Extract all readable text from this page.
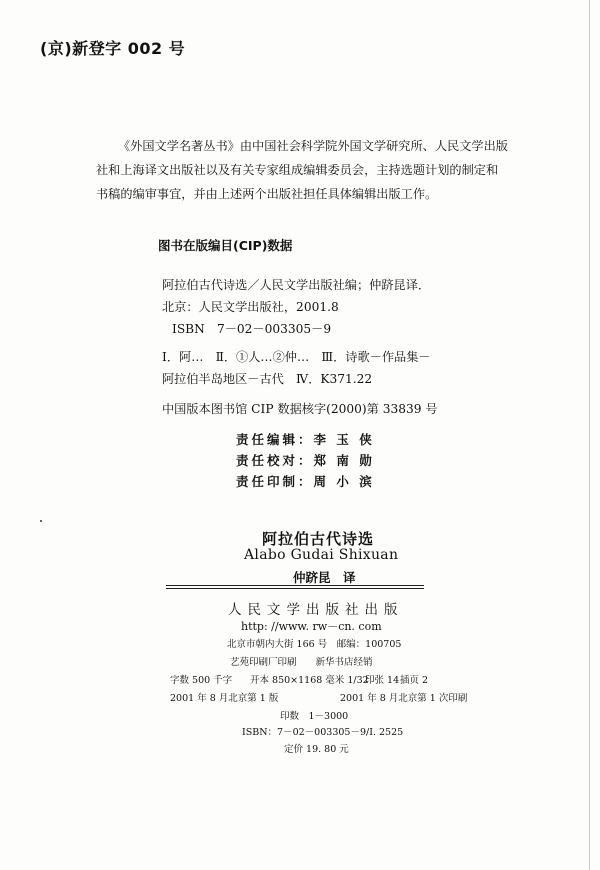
(京)新登字 002 号
《外国文学名著丛书》由中国社会科学院外国文学研究所、人民文学出版
社和上海译文出版社以及有关专家组成编辑委员会，主持选题计划的制定和
书稿的编审事宜，并由上述两个出版社担任具体编辑出版工作。
图书在版编目(CIP)数据
阿拉伯古代诗选／人民文学出版社编；仲跻昆译．
北京：人民文学出版社，2001.8
ISBN　7－02－003305－9
Ⅰ．阿…　Ⅱ．①人…②仲…　Ⅲ．诗歌－作品集－
阿拉伯半岛地区－古代　Ⅳ．K371.22
中国版本图书馆 CIP 数据核字(2000)第 33839 号
责任编辑：李 玉 侠
责任校对：郑 南 勋
责任印制：周 小 滨
阿拉伯古代诗选
Alabo Gudai Shixuan
仲跻昆　译
人民文学出版社出版
http: //www. rw－cn. com
北京市朝内大街 166 号　邮编：100705
艺苑印刷厂印刷　　新华书店经销
字数 500 千字 开本 850×1168 毫米 1/32
印张 14 插页 2
2001 年 8 月北京第 1 版	2001 年 8 月北京第 1 次印刷
印数　1－3000
ISBN：7－02－003305－9/I. 2525
定价 19. 80 元
